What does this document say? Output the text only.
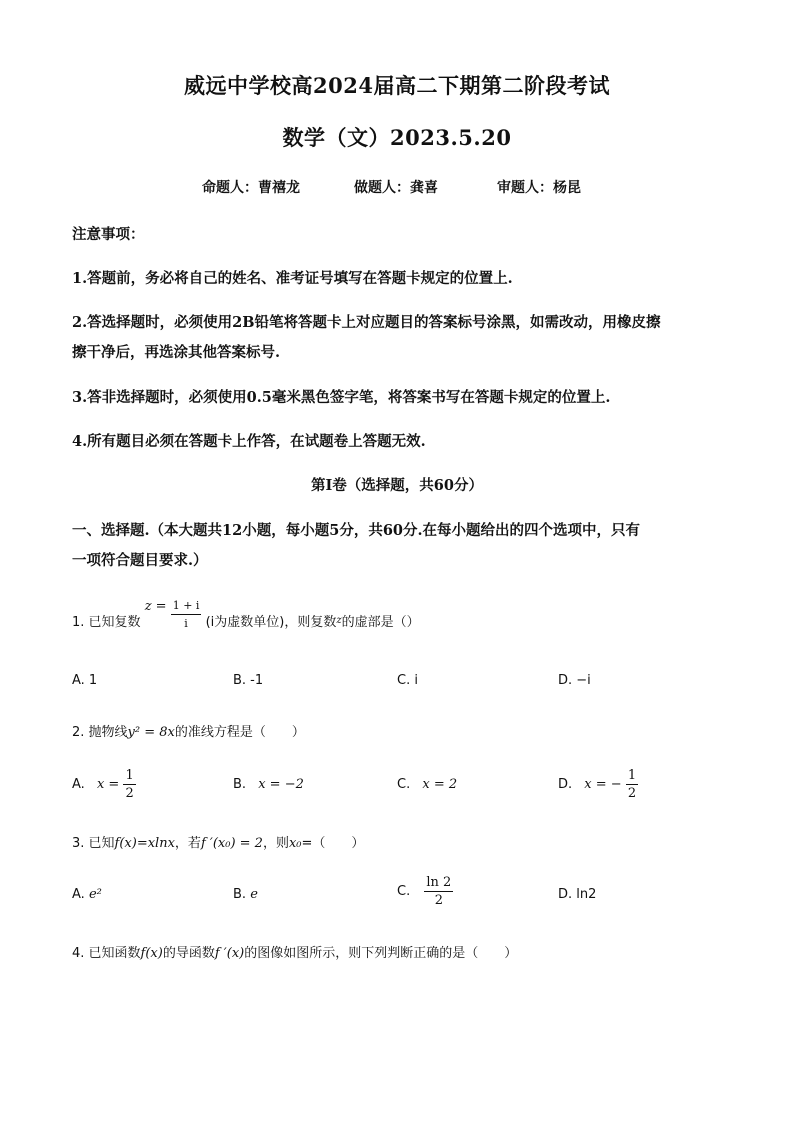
威远中学校高2024届高二下期第二阶段考试
数学（文）2023.5.20
命题人：曹禧龙	做题人：龚喜	审题人：杨昆
注意事项：
1.答题前，务必将自己的姓名、准考证号填写在答题卡规定的位置上.
2.答选择题时，必须使用2B铅笔将答题卡上对应题目的答案标号涂黑，如需改动，用橡皮擦
擦干净后，再选涂其他答案标号.
3.答非选择题时，必须使用0.5毫米黑色签字笔，将答案书写在答题卡规定的位置上.
4.所有题目必须在答题卡上作答，在试题卷上答题无效.
第Ⅰ卷（选择题，共60分）
一、选择题.（本大题共12小题，每小题5分，共60分.在每小题给出的四个选项中，只有
一项符合题目要求.）
1. 已知复数 $z = \frac{1 + i}{i} (i$为虚数单位)，则复数z的虚部是（）
A. 1	B. -1	C. i	D. −i
2. 抛物线y² = 8x的准线方程是（　　）
A. $x = \frac{1}{2}$	B. x = −2	C. x = 2	D. x = − $\frac{1}{2}$
3. 已知f(x)=xlnx，若f ′(x₀) = 2，则x₀=（　　）
A. e²	B. e	C. $\frac{\ln 2}{2}$	D. ln2
4. 已知函数f(x)的导函数f ′(x)的图像如图所示，则下列判断正确的是（　　）
